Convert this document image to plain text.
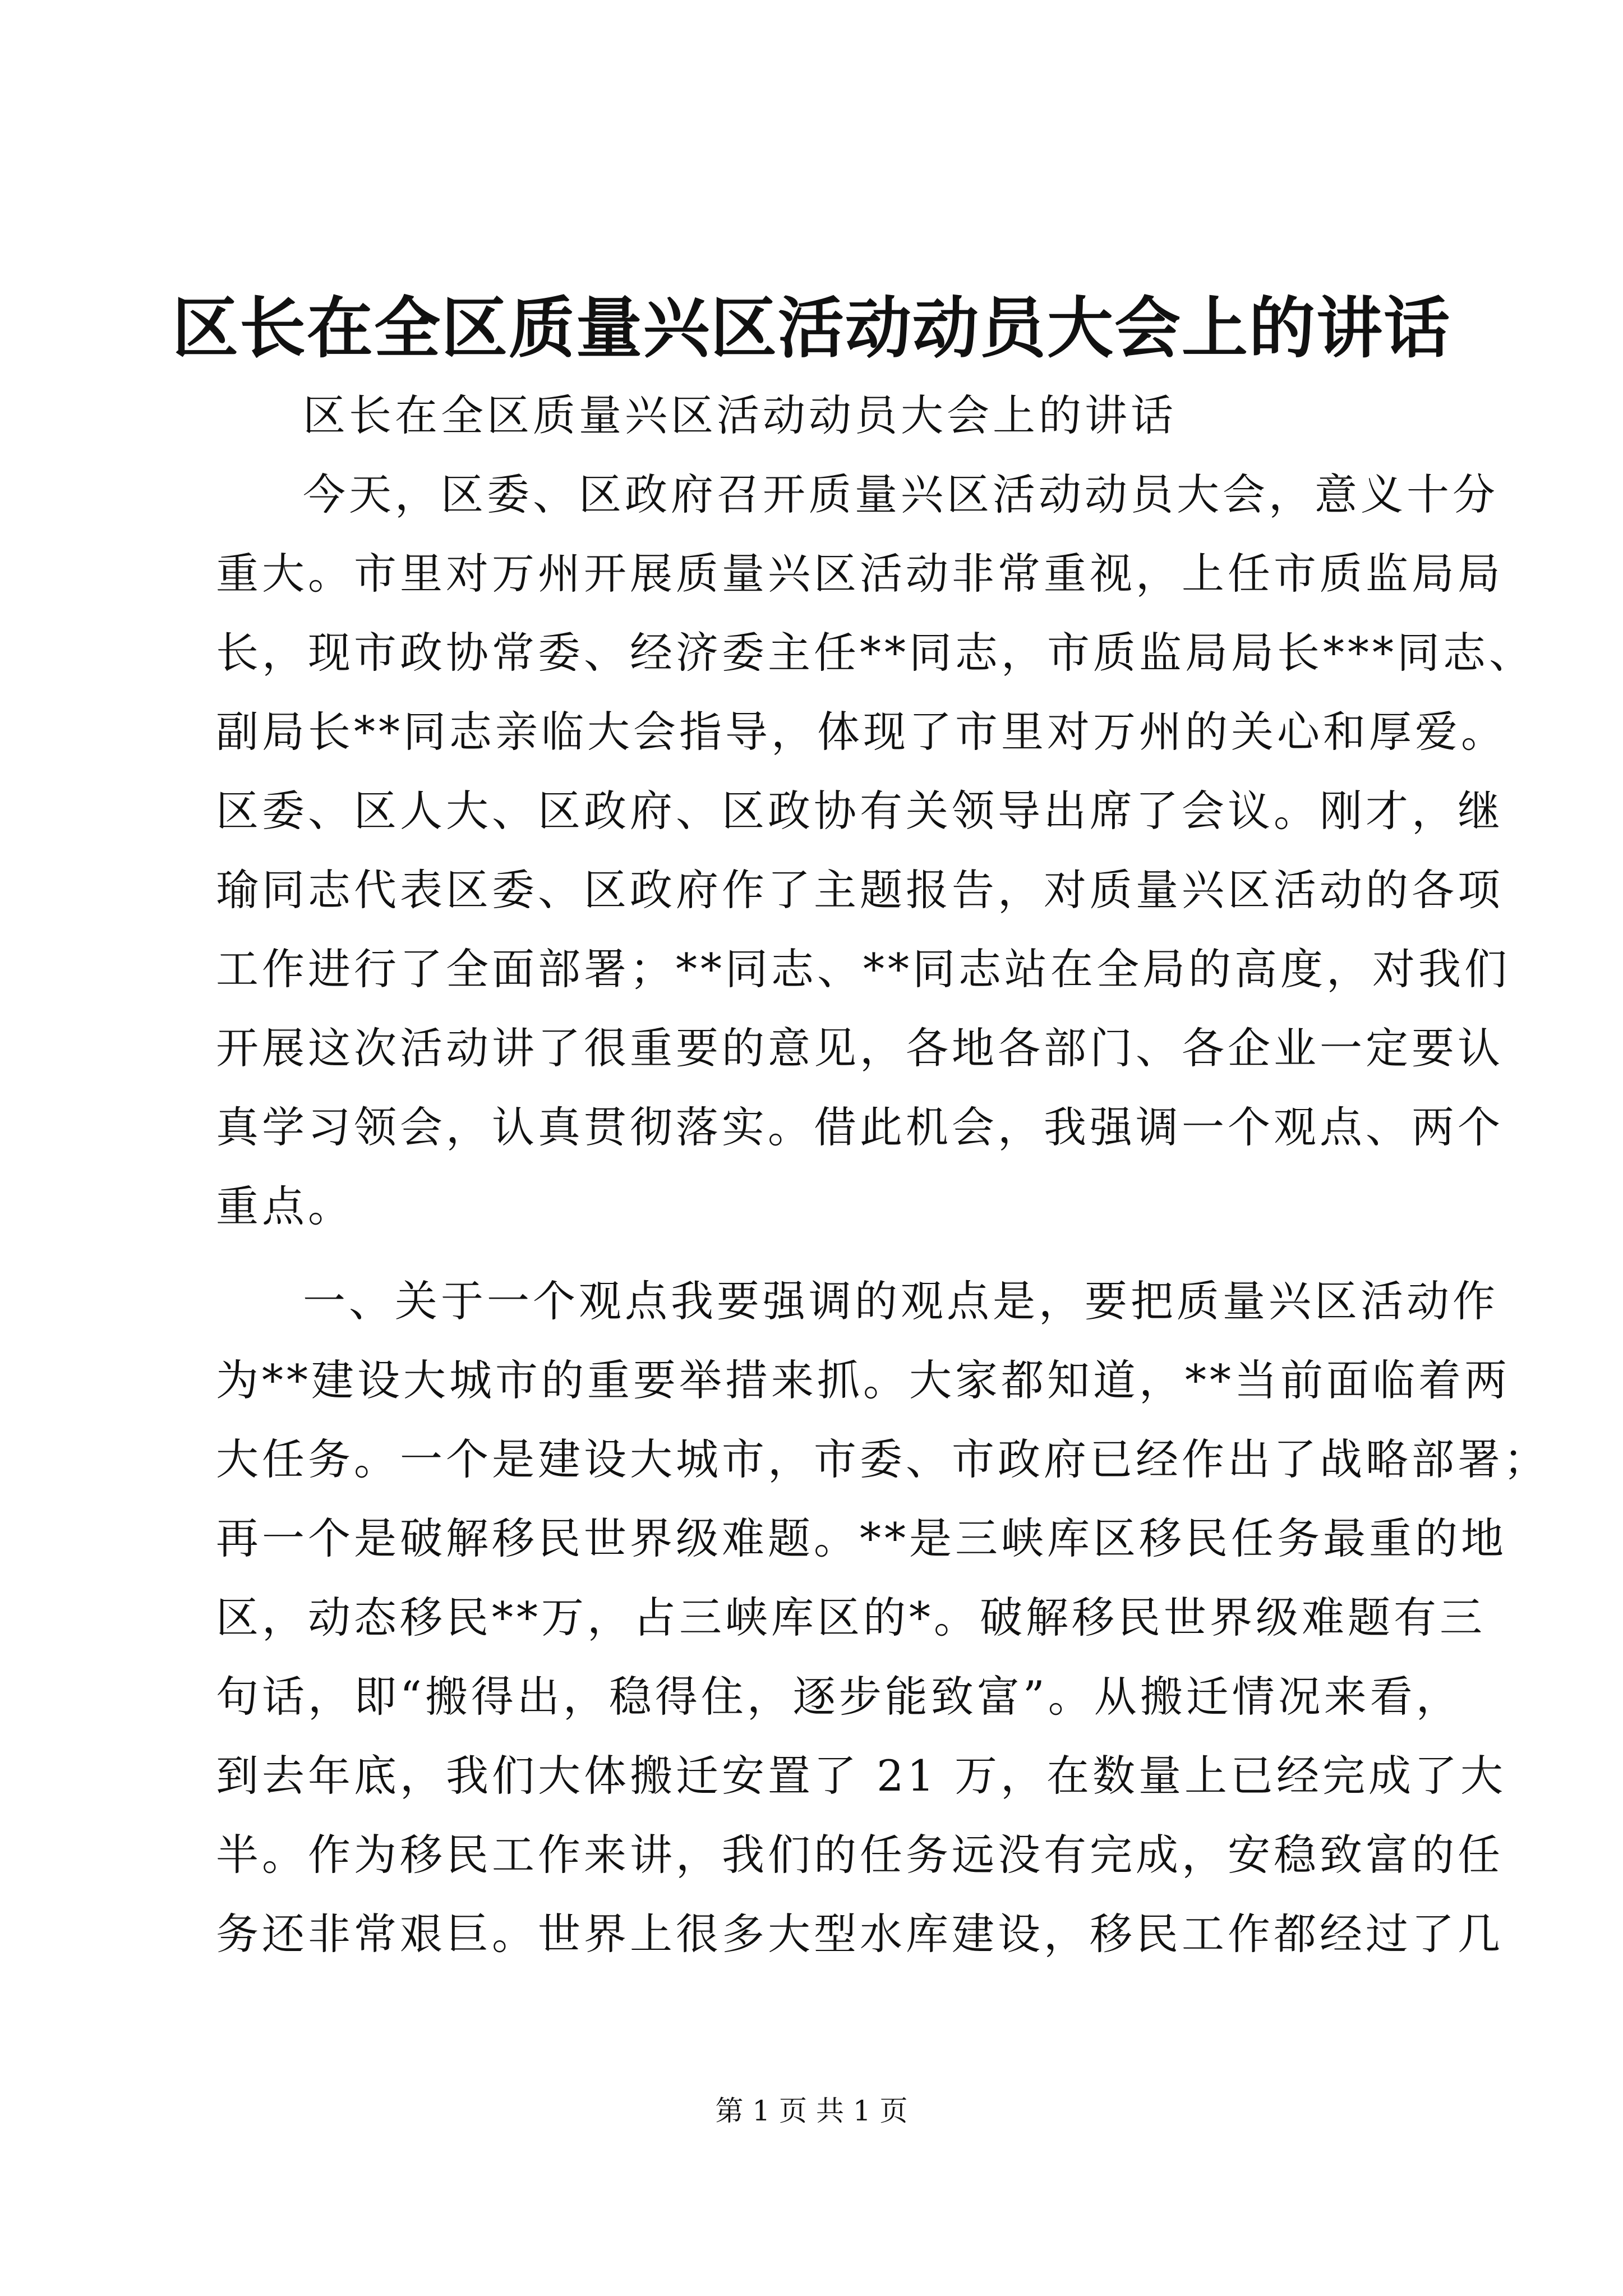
区长在全区质量兴区活动动员大会上的讲话
区长在全区质量兴区活动动员大会上的讲话
今天，区委、区政府召开质量兴区活动动员大会，意义十分
重大。市里对万州开展质量兴区活动非常重视，上任市质监局局
长，现市政协常委、经济委主任**同志，市质监局局长***同志、
副局长**同志亲临大会指导，体现了市里对万州的关心和厚爱。
区委、区人大、区政府、区政协有关领导出席了会议。刚才，继
瑜同志代表区委、区政府作了主题报告，对质量兴区活动的各项
工作进行了全面部署；**同志、**同志站在全局的高度，对我们
开展这次活动讲了很重要的意见，各地各部门、各企业一定要认
真学习领会，认真贯彻落实。借此机会，我强调一个观点、两个
重点。
一、关于一个观点我要强调的观点是，要把质量兴区活动作
为**建设大城市的重要举措来抓。大家都知道，**当前面临着两
大任务。一个是建设大城市，市委、市政府已经作出了战略部署；
再一个是破解移民世界级难题。**是三峡库区移民任务最重的地
区，动态移民**万，占三峡库区的*。破解移民世界级难题有三
句话，即“搬得出，稳得住，逐步能致富”。从搬迁情况来看，
到去年底，我们大体搬迁安置了 21 万，在数量上已经完成了大
半。作为移民工作来讲，我们的任务远没有完成，安稳致富的任
务还非常艰巨。世界上很多大型水库建设，移民工作都经过了几
第 1 页 共 1 页
